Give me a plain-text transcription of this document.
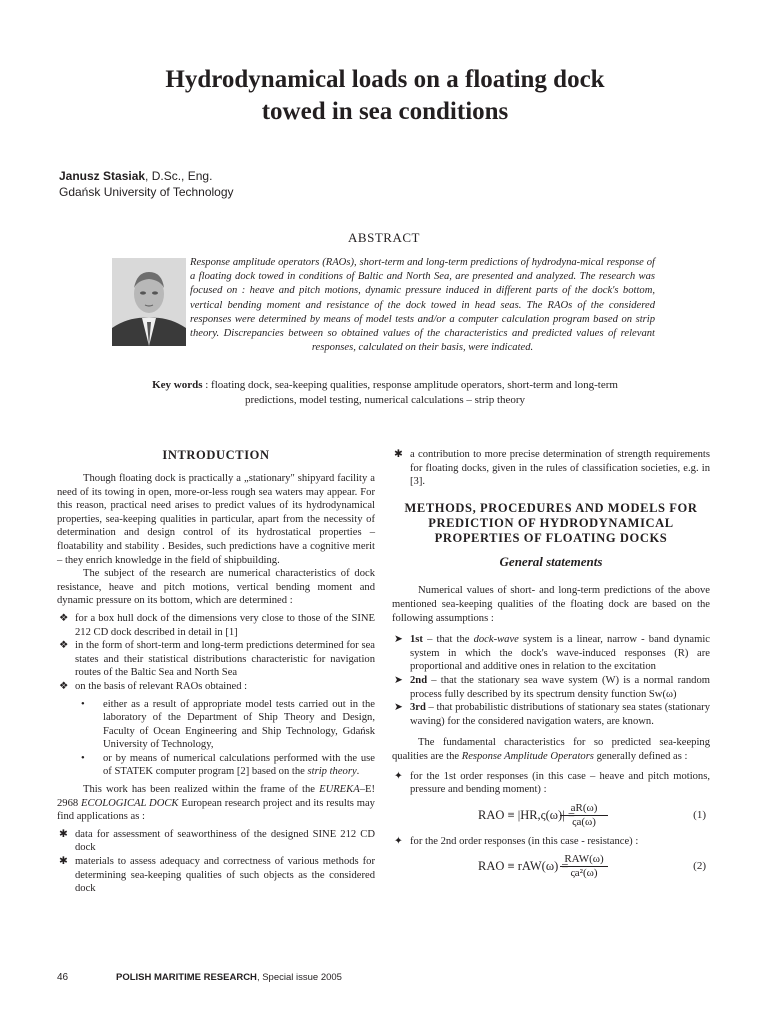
Hydrodynamical loads on a floating dock
towed in sea conditions
Janusz Stasiak, D.Sc., Eng.
Gdańsk University of Technology
ABSTRACT
Response amplitude operators (RAOs), short-term and long-term predictions of hydrodyna-mical response of a floating dock towed in conditions of Baltic and North Sea, are presented and analyzed. The research was focused on : heave and pitch motions, dynamic pressure induced in different parts of the dock's bottom, vertical bending moment and resistance of the dock towed in head seas. The RAOs of the considered responses were determined by means of model tests and/or a computer calculation program based on strip theory. Discrepancies between so obtained values of the characteristics and predicted values of relevant responses, calculated on their basis, were indicated.
Key words : floating dock, sea-keeping qualities, response amplitude operators, short-term and long-term predictions, model testing, numerical calculations – strip theory
INTRODUCTION

Though floating dock is practically a „stationary" shipyard facility a need of its towing in open, more-or-less rough sea waters may appear. For this reason, practical need arises to predict values of its hydrodynamical properties, sea-keeping qualities in particular, apart from the necessity of determination and design control of its hydrostatical properties – floatability and stability . Besides, such predictions have a cognitive merit – they enrich knowledge in the field of shipbuilding.

The subject of the research are numerical characteristics of dock resistance, heave and pitch motions, vertical bending moment and dynamic pressure on its bottom, which are determined :

❖ for a box hull dock of the dimensions very close to those of the SINE 212 CD dock described in detail in [1]
❖ in the form of short-term and long-term predictions determined for sea states and their statistical distributions characteristic for navigation routes of the Baltic Sea and North Sea
❖ on the basis of relevant RAOs obtained :
• either as a result of appropriate model tests carried out in the laboratory of the Department of Ship Theory and Design, Faculty of Ocean Engineering and Ship Technology, Gdańsk University of Technology,
• or by means of numerical calculations performed with the use of STATEK computer program [2] based on the strip theory.

This work has been realized within the frame of the EUREKA–E! 2968 ECOLOGICAL DOCK European research project and its results may find applications as :

✱ data for assessment of seaworthiness of the designed SINE 212 CD dock
✱ materials to assess adequacy and correctness of various methods for determining sea-keeping qualities of such objects as the considered dock
✱ a contribution to more precise determination of strength requirements for floating docks, given in the rules of classification societies, e.g. in [3].
METHODS, PROCEDURES AND MODELS FOR PREDICTION OF HYDRODYNAMICAL PROPERTIES OF FLOATING DOCKS
General statements

Numerical values of short- and long-term predictions of the above mentioned sea-keeping qualities of the floating dock are based on the following assumptions :

➤ 1st – that the dock-wave system is a linear, narrow - band dynamic system in which the dock's wave-induced responses (R) are proportional and additive ones in relation to the excitation
➤ 2nd – that the stationary sea wave system (W) is a normal random process fully described by its spectrum density function Sw(ω)
➤ 3rd – that probabilistic distributions of stationary sea states (stationary waving) for the considered navigation waters, are known.

The fundamental characteristics for so predicted sea-keeping qualities are the Response Amplitude Operators generally defined as :

✦ for the 1st order responses (in this case – heave and pitch motions, pressure and bending moment) :
RAO ≡ |HR,ς(ω)| =
$\frac{aR(\omega)}{\varsigma a(\omega)}$	(1)
✦ for the 2nd order responses (in this case - resistance) :
RAO ≡ rAW(ω) =
RAW(ω)
ςa²(ω)
(2)
46	POLISH MARITIME RESEARCH, Special issue 2005
